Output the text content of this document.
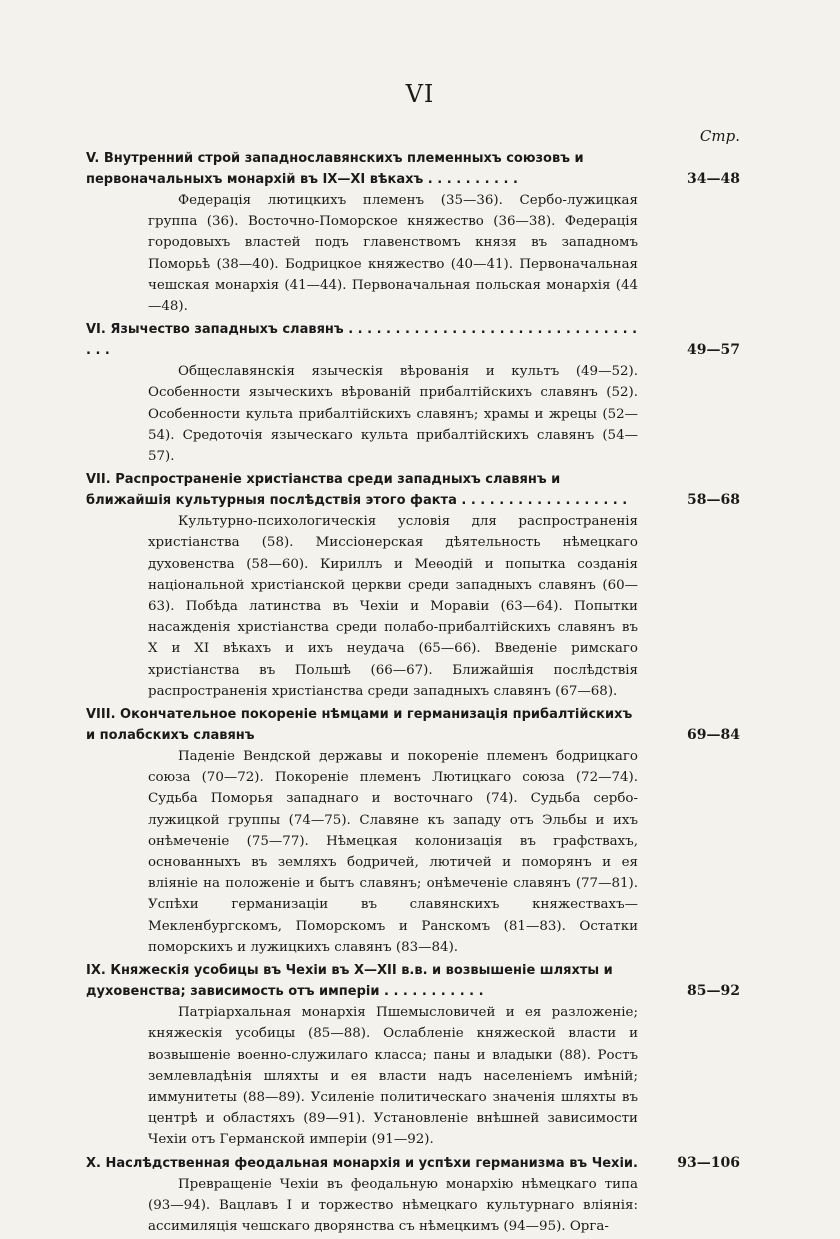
VI
Стр.
V. Внутренний строй западнославянскихъ племенныхъ союзовъ и первоначальныхъ монархій въ IX—XI вѣкахъ . . . . . . . . . .	34—48
Федерація лютицкихъ племенъ (35—36). Сербо-лужицкая группа (36). Восточно-Поморское княжество (36—38). Федерація городовыхъ властей подъ главенствомъ князя въ западномъ Поморьѣ (38—40). Бодрицкое княжество (40—41). Первоначальная чешская монархія (41—44). Первоначальная польская монархія (44—48).
VI. Язычество западныхъ славянъ . . . . . . . . . . . . . . . . . . . . . . . . . . . . . . . . . .	49—57
Общеславянскія языческія вѣрованія и культъ (49—52). Особенности языческихъ вѣрованій прибалтійскихъ славянъ (52). Особенности культа прибалтійскихъ славянъ; храмы и жрецы (52—54). Средоточія языческаго культа прибалтійскихъ славянъ (54—57).
VII. Распространеніе христіанства среди западныхъ славянъ и ближайшія культурныя послѣдствія этого факта . . . . . . . . . . . . . . . . . .	58—68
Культурно-психологическія условія для распространенія христіанства (58). Миссіонерская дѣятельность нѣмецкаго духовенства (58—60). Кириллъ и Меѳодій и попытка созданія національной христіанской церкви среди западныхъ славянъ (60—63). Побѣда латинства въ Чехіи и Моравіи (63—64). Попытки насажденія христіанства среди полабо-прибалтійскихъ славянъ въ X и XI вѣкахъ и ихъ неудача (65—66). Введеніе римскаго христіанства въ Польшѣ (66—67). Ближайшія послѣдствія распространенія христіанства среди западныхъ славянъ (67—68).
VIII. Окончательное покореніе нѣмцами и германизація прибалтійскихъ и полабскихъ славянъ	69—84
Паденіе Вендской державы и покореніе племенъ бодрицкаго союза (70—72). Покореніе племенъ Лютицкаго союза (72—74). Судьба Поморья западнаго и восточнаго (74). Судьба сербо-лужицкой группы (74—75). Славяне къ западу отъ Эльбы и ихъ онѣмеченіе (75—77). Нѣмецкая колонизація въ графствахъ, основанныхъ въ земляхъ бодричей, лютичей и поморянъ и ея вліяніе на положеніе и бытъ славянъ; онѣмеченіе славянъ (77—81). Успѣхи германизаціи въ славянскихъ княжествахъ—Мекленбургскомъ, Поморскомъ и Ранскомъ (81—83). Остатки поморскихъ и лужицкихъ славянъ (83—84).
IX. Княжескія усобицы въ Чехіи въ X—XII в.в. и возвышеніе шляхты и духовенства; зависимость отъ имперіи . . . . . . . . . . .	85—92
Патріархальная монархія Пшемысловичей и ея разложеніе; княжескія усобицы (85—88). Ослабленіе княжеской власти и возвышеніе военно-служилаго класса; паны и владыки (88). Ростъ землевладѣнія шляхты и ея власти надъ населеніемъ имѣній; иммунитеты (88—89). Усиленіе политическаго значенія шляхты въ центрѣ и областяхъ (89—91). Установленіе внѣшней зависимости Чехіи отъ Германской имперіи (91—92).
X. Наслѣдственная феодальная монархія и успѣхи германизма въ Чехіи.	93—106
Превращеніе Чехіи въ феодальную монархію нѣмецкаго типа (93—94). Вацлавъ I и торжество нѣмецкаго культурнаго вліянія: ассимиляція чешскаго дворянства съ нѣмецкимъ (94—95). Орга-
